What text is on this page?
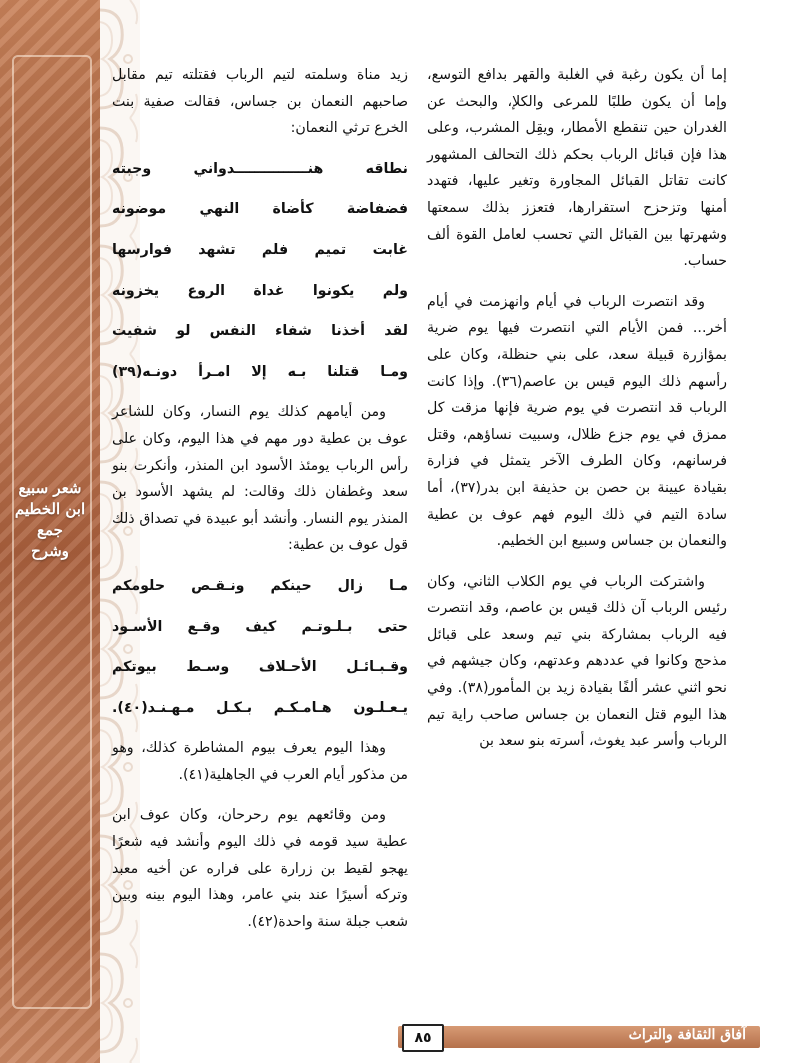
شعر سبيع
ابن الخطيم
جمع
وشرح

إما أن يكون رغبة في الغلبة والقهر بدافع التوسع، وإما أن يكون طلبًا للمرعى والكلإ، والبحث عن الغدران حين تنقطع الأمطار، ويقِل المشرب، وعلى هذا فإن قبائل الرباب بحكم ذلك التحالف المشهور كانت تقاتل القبائل المجاورة وتغير عليها، فتهدد أمنها وتزحزح استقرارها، فتعزز بذلك سمعتها وشهرتها بين القبائل التي تحسب لعامل القوة ألف حساب.

وقد انتصرت الرباب في أيام وانهزمت في أيام أخر... فمن الأيام التي انتصرت فيها يوم ضرية بمؤازرة قبيلة سعد، على بني حنظلة، وكان على رأسهم ذلك اليوم قيس بن عاصم(٣٦). وإذا كانت الرباب قد انتصرت في يوم ضرية فإنها مزقت كل ممزق في يوم جزع ظلال، وسبيت نساؤهم، وقتل فرسانهم، وكان الطرف الآخر يتمثل في فزارة بقيادة عيينة بن حصن بن حذيفة ابن بدر(٣٧)، أما سادة التيم في ذلك اليوم فهم عوف بن عطية والنعمان بن جساس وسبيع ابن الخطيم.

واشتركت الرباب في يوم الكلاب الثاني، وكان رئيس الرباب آن ذلك قيس بن عاصم، وقد انتصرت فيه الرباب بمشاركة بني تيم وسعد على قبائل مذحج وكانوا في عددهم وعدتهم، وكان جيشهم في نحو اثني عشر ألفًا بقيادة زيد بن المأمور(٣٨). وفي هذا اليوم قتل النعمان بن جساس صاحب راية تيم الرباب وأسر عبد يغوث، أسرته بنو سعد بن

زيد مناة وسلمته لتيم الرباب فقتلته تيم مقابل صاحبهم النعمان بن جساس، فقالت صفية بنت الخرع ترثي النعمان:

نطاقه هنـــــــــــــــدواني وجبته

فضفاضة كأضاة النهي موضونه

غابت تميم فلم تشهد فوارسها

ولم يكونوا غداة الروع يخزونه

لقد أخذنا شفاء النفس لو شفيت

ومـا قتلنا بـه إلا امـرأ دونـه(٣٩)

ومن أيامهم كذلك يوم النسار، وكان للشاعر عوف بن عطية دور مهم في هذا اليوم، وكان على رأس الرباب يومئذ الأسود ابن المنذر، وأنكرت بنو سعد وغطفان ذلك وقالت: لم يشهد الأسود بن المنذر يوم النسار. وأنشد أبو عبيدة في تصداق ذلك قول عوف بن عطية:

مـا زال حينكم ونـقـص حلومكم

حتى بـلـوتـم كيف وقـع الأسـود

وقـبـائـل الأحـلاف وسـط بيوتكم

يـعـلـون هـامـكـم بـكـل مـهـنـد(٤٠).

وهذا اليوم يعرف بيوم المشاطرة كذلك، وهو من مذكور أيام العرب في الجاهلية(٤١).

ومن وقائعهم يوم رحرحان، وكان عوف ابن عطية سيد قومه في ذلك اليوم وأنشد فيه شعرًا يهجو لقيط بن زرارة على فراره عن أخيه معبد وتركه أسيرًا عند بني عامر، وهذا اليوم بينه وبين شعب جبلة سنة واحدة(٤٢).

آفاق الثقافة والتراث
٨٥
